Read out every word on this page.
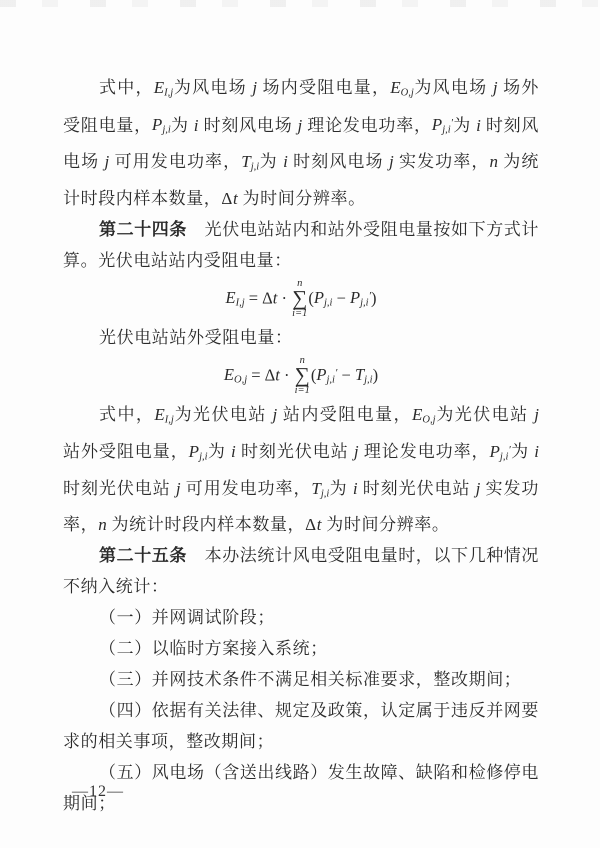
式中，$E_{I,j}$为风电场 j 场内受阻电量，$E_{O,j}$为风电场 j 场外受阻电量，$P_{j,i}$为 i 时刻风电场 j 理论发电功率，$P_{j,i}'$为 i 时刻风电场 j 可用发电功率，$T_{j,i}$为 i 时刻风电场 j 实发功率，n 为统计时段内样本数量，Δt 为时间分辨率。

第二十四条　光伏电站站内和站外受阻电量按如下方式计算。光伏电站站内受阻电量：

$E_{I,j} = \Delta t$ ·
n
∑
i=1
$(P_{j,i} - P_{j,i}')$

光伏电站站外受阻电量：

$E_{O,j} = \Delta t$ ·
n
∑
i=1
$(P_{j,i}' - T_{j,i})$

式中，$E_{I,j}$为光伏电站 j 站内受阻电量，$E_{O,j}$为光伏电站 j 站外受阻电量，$P_{j,i}$为 i 时刻光伏电站 j 理论发电功率，$P_{j,i}'$为 i 时刻光伏电站 j 可用发电功率，$T_{j,i}$为 i 时刻光伏电站 j 实发功率，n 为统计时段内样本数量，Δt 为时间分辨率。

第二十五条　本办法统计风电受阻电量时，以下几种情况不纳入统计：

（一）并网调试阶段；

（二）以临时方案接入系统；

（三）并网技术条件不满足相关标准要求，整改期间；

（四）依据有关法律、规定及政策，认定属于违反并网要求的相关事项，整改期间；

（五）风电场（含送出线路）发生故障、缺陷和检修停电期间；

—12—
